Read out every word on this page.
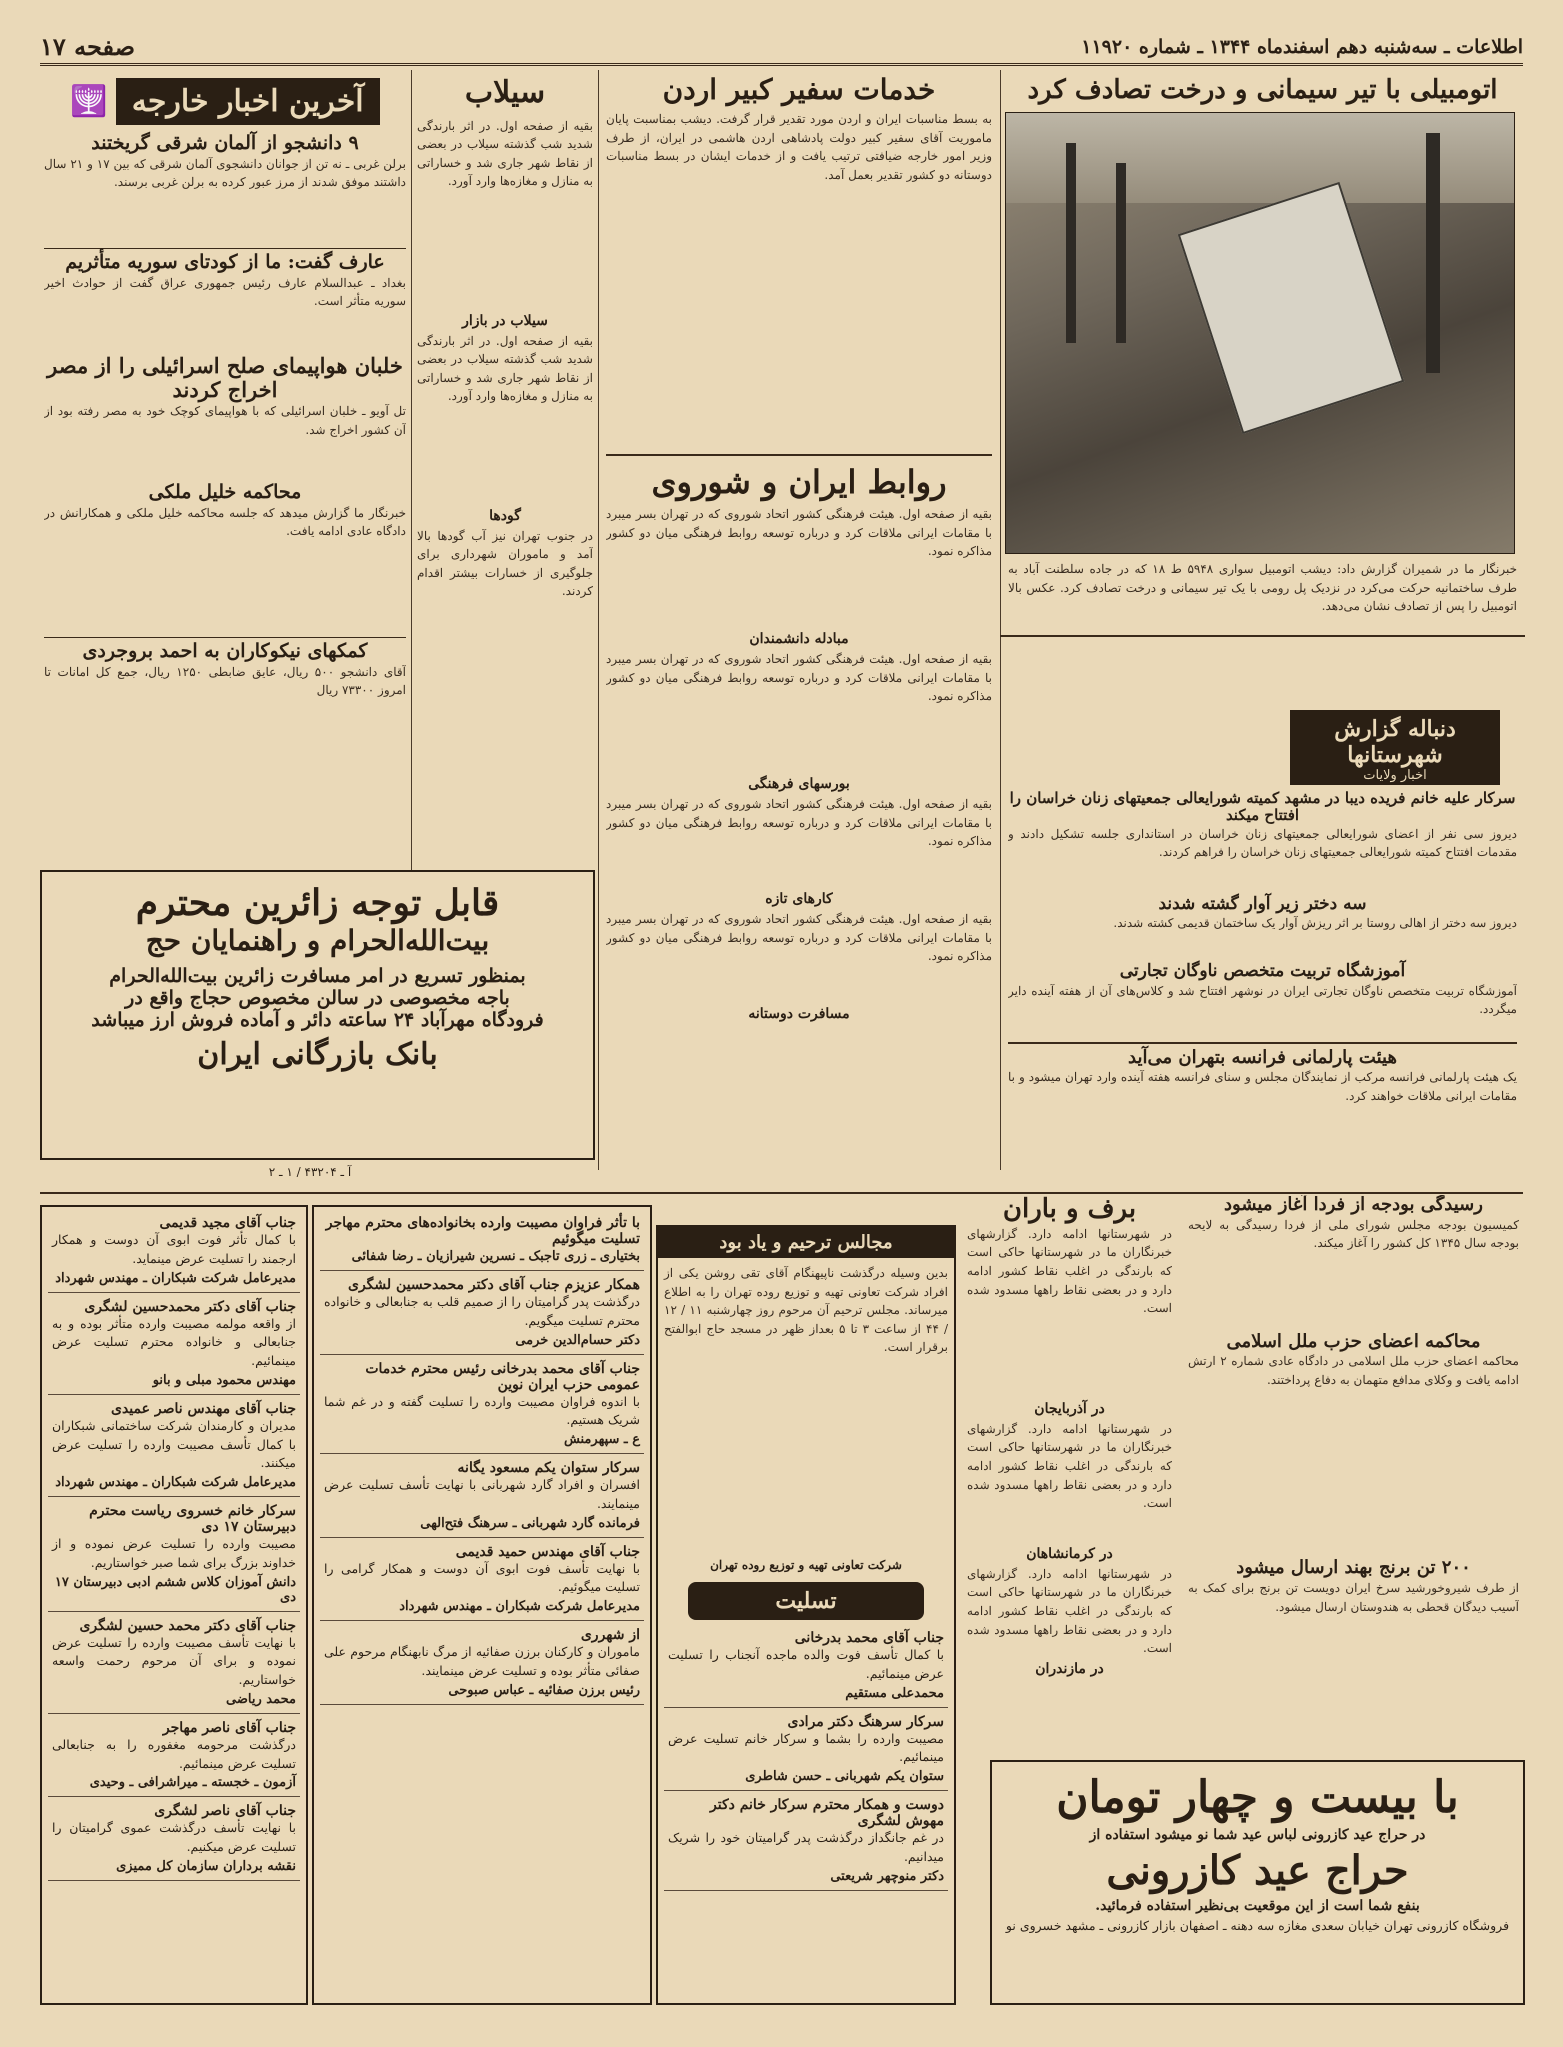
اطلاعات ـ سه‌شنبه دهم اسفندماه ۱۳۴۴ ـ شماره ۱۱۹۲۰
صفحه ۱۷
اتومبیلی با تیر سیمانی و درخت تصادف کرد
خبرنگار ما در شمیران گزارش داد: دیشب اتومبیل سواری ۵۹۴۸ ط ۱۸ که در جاده سلطنت آباد به طرف ساختمانیه حرکت می‌کرد در نزدیک پل رومی با یک تیر سیمانی و درخت تصادف کرد. عکس بالا اتومبیل را پس از تصادف نشان می‌دهد.
دنباله گزارش شهرستانها
اخبار ولایات
سرکار علیه خانم فریده دیبا در مشهد کمیته شورایعالی جمعیتهای زنان خراسان را افتتاح میکند
دیروز سی نفر از اعضای شورایعالی جمعیتهای زنان خراسان در استانداری جلسه تشکیل دادند و مقدمات افتتاح کمیته شورایعالی جمعیتهای زنان خراسان را فراهم کردند.
سه دختر زیر آوار گشته شدند
دیروز سه دختر از اهالی روستا بر اثر ریزش آوار یک ساختمان قدیمی کشته شدند.
آموزشگاه تربیت متخصص ناوگان تجارتی
آموزشگاه تربیت متخصص ناوگان تجارتی ایران در نوشهر افتتاح شد و کلاس‌های آن از هفته آینده دایر میگردد.
هیئت پارلمانی فرانسه بتهران می‌آید
یک هیئت پارلمانی فرانسه مرکب از نمایندگان مجلس و سنای فرانسه هفته آینده وارد تهران میشود و با مقامات ایرانی ملاقات خواهند کرد.
خدمات سفیر کبیر اردن
به بسط مناسبات ایران و اردن مورد تقدیر قرار گرفت. دیشب بمناسبت پایان ماموریت آقای سفیر کبیر دولت پادشاهی اردن هاشمی در ایران، از طرف وزیر امور خارجه ضیافتی ترتیب یافت و از خدمات ایشان در بسط مناسبات دوستانه دو کشور تقدیر بعمل آمد.
روابط ایران و شوروی
بقیه از صفحه اول. هیئت فرهنگی کشور اتحاد شوروی که در تهران بسر میبرد با مقامات ایرانی ملاقات کرد و درباره توسعه روابط فرهنگی میان دو کشور مذاکره نمود.
مبادله دانشمندان
بقیه از صفحه اول. هیئت فرهنگی کشور اتحاد شوروی که در تهران بسر میبرد با مقامات ایرانی ملاقات کرد و درباره توسعه روابط فرهنگی میان دو کشور مذاکره نمود.
بورسهای فرهنگی
بقیه از صفحه اول. هیئت فرهنگی کشور اتحاد شوروی که در تهران بسر میبرد با مقامات ایرانی ملاقات کرد و درباره توسعه روابط فرهنگی میان دو کشور مذاکره نمود.
کارهای تازه
بقیه از صفحه اول. هیئت فرهنگی کشور اتحاد شوروی که در تهران بسر میبرد با مقامات ایرانی ملاقات کرد و درباره توسعه روابط فرهنگی میان دو کشور مذاکره نمود.
مسافرت دوستانه
سیلاب
بقیه از صفحه اول. در اثر بارندگی شدید شب گذشته سیلاب در بعضی از نقاط شهر جاری شد و خساراتی به منازل و مغازه‌ها وارد آورد.
سیلاب در بازار
بقیه از صفحه اول. در اثر بارندگی شدید شب گذشته سیلاب در بعضی از نقاط شهر جاری شد و خساراتی به منازل و مغازه‌ها وارد آورد.
گودها
در جنوب تهران نیز آب گودها بالا آمد و ماموران شهرداری برای جلوگیری از خسارات بیشتر اقدام کردند.
آخرین اخبار خارجه
🕎
۹ دانشجو از آلمان شرقی گریختند
برلن غربی ـ نه تن از جوانان دانشجوی آلمان شرقی که بین ۱۷ و ۲۱ سال داشتند موفق شدند از مرز عبور کرده به برلن غربی برسند.
عارف گفت: ما از کودتای سوریه متأثریم
بغداد ـ عبدالسلام عارف رئیس جمهوری عراق گفت از حوادث اخیر سوریه متأثر است.
خلبان هواپیمای صلح اسرائیلی را از مصر اخراج کردند
تل آویو ـ خلبان اسرائیلی که با هواپیمای کوچک خود به مصر رفته بود از آن کشور اخراج شد.
محاکمه خلیل ملکی
خبرنگار ما گزارش میدهد که جلسه محاکمه خلیل ملکی و همکارانش در دادگاه عادی ادامه یافت.
کمکهای نیکوکاران به احمد بروجردی
آقای دانشجو ۵۰۰ ریال، عایق ضابطی ۱۲۵۰ ریال، جمع کل امانات تا امروز ۷۳۳۰۰ ریال
قابل توجه زائرین محترم
بیت‌الله‌الحرام و راهنمایان حج
بمنظور تسریع در امر مسافرت زائرین بیت‌الله‌الحرام
باجه مخصوصی در سالن مخصوص حجاج واقع در
فرودگاه مهرآباد ۲۴ ساعته دائر و آماده فروش ارز میباشد
بانک بازرگانی ایران
آ ـ ۴۳۲۰۴ / ۱ ـ ۲
جناب آقای مجید قدیمی
با کمال تأثر فوت ابوی آن دوست و همکار ارجمند را تسلیت عرض مینماید.
مدیرعامل شرکت شبکاران ـ مهندس شهرداد
جناب آقای دکتر محمدحسین لشگری
از واقعه مولمه مصیبت وارده متأثر بوده و به جنابعالی و خانواده محترم تسلیت عرض مینمائیم.
مهندس محمود مبلی و بانو
جناب آقای مهندس ناصر عمیدی
مدیران و کارمندان شرکت ساختمانی شبکاران با کمال تأسف مصیبت وارده را تسلیت عرض میکنند.
مدیرعامل شرکت شبکاران ـ مهندس شهرداد
سرکار خانم خسروی ریاست محترم دبیرستان ۱۷ دی
مصیبت وارده را تسلیت عرض نموده و از خداوند بزرگ برای شما صبر خواستاریم.
دانش آموزان کلاس ششم ادبی دبیرستان ۱۷ دی
جناب آقای دکتر محمد حسین لشگری
با نهایت تأسف مصیبت وارده را تسلیت عرض نموده و برای آن مرحوم رحمت واسعه خواستاریم.
محمد ریاضی
جناب آقای ناصر مهاجر
درگذشت مرحومه مغفوره را به جنابعالی تسلیت عرض مینمائیم.
آزمون ـ خجسته ـ میراشرافی ـ وحیدی
جناب آقای ناصر لشگری
با نهایت تأسف درگذشت عموی گرامیتان را تسلیت عرض میکنیم.
نقشه برداران سازمان کل ممیزی
با تأثر فراوان مصیبت وارده بخانواده‌های محترم مهاجر تسلیت میگوئیم
بختیاری ـ زری تاجبک ـ نسرین شیرازیان ـ رضا شفائی
همکار عزیزم جناب آقای دکتر محمدحسین لشگری
درگذشت پدر گرامیتان را از صمیم قلب به جنابعالی و خانواده محترم تسلیت میگویم.
دکتر حسام‌الدین خرمی
جناب آقای محمد بدرخانی رئیس محترم خدمات عمومی حزب ایران نوین
با اندوه فراوان مصیبت وارده را تسلیت گفته و در غم شما شریک هستیم.
ع ـ سپهرمنش
سرکار ستوان یکم مسعود یگانه
افسران و افراد گارد شهربانی با نهایت تأسف تسلیت عرض مینمایند.
فرمانده گارد شهربانی ـ سرهنگ فتح‌الهی
جناب آقای مهندس حمید قدیمی
با نهایت تأسف فوت ابوی آن دوست و همکار گرامی را تسلیت میگوئیم.
مدیرعامل شرکت شبکاران ـ مهندس شهرداد
از شهرری
ماموران و کارکنان برزن صفائیه از مرگ نابهنگام مرحوم علی صفائی متأثر بوده و تسلیت عرض مینمایند.
رئیس برزن صفائیه ـ عباس صبوحی
مجالس ترحیم و یاد بود
بدین وسیله درگذشت ناپیهنگام آقای تقی روشن یکی از افراد شرکت تعاونی تهیه و توزیع روده تهران را به اطلاع میرساند. مجلس ترحیم آن مرحوم روز چهارشنبه ۱۱ / ۱۲ / ۴۴ از ساعت ۳ تا ۵ بعداز ظهر در مسجد حاج ابوالفتح برقرار است.
شرکت تعاونی تهیه و توزیع روده تهران
تسلیت
جناب آقای محمد بدرخانی
با کمال تأسف فوت والده ماجده آنجناب را تسلیت عرض مینمائیم.
محمدعلی مستقیم
سرکار سرهنگ دکتر مرادی
مصیبت وارده را بشما و سرکار خانم تسلیت عرض مینمائیم.
ستوان یکم شهربانی ـ حسن شاطری
دوست و همکار محترم سرکار خانم دکتر مهوش لشگری
در غم جانگداز درگذشت پدر گرامیتان خود را شریک میدانیم.
دکتر منوچهر شریعتی
برف و باران
در شهرستانها ادامه دارد. گزارشهای خبرنگاران ما در شهرستانها حاکی است که بارندگی در اغلب نقاط کشور ادامه دارد و در بعضی نقاط راهها مسدود شده است.
در آذربایجان
در شهرستانها ادامه دارد. گزارشهای خبرنگاران ما در شهرستانها حاکی است که بارندگی در اغلب نقاط کشور ادامه دارد و در بعضی نقاط راهها مسدود شده است.
در کرمانشاهان
در شهرستانها ادامه دارد. گزارشهای خبرنگاران ما در شهرستانها حاکی است که بارندگی در اغلب نقاط کشور ادامه دارد و در بعضی نقاط راهها مسدود شده است.
در مازندران
رسیدگی بودجه از فردا آغاز میشود
کمیسیون بودجه مجلس شورای ملی از فردا رسیدگی به لایحه بودجه سال ۱۳۴۵ کل کشور را آغاز میکند.
محاکمه اعضای حزب ملل اسلامی
محاکمه اعضای حزب ملل اسلامی در دادگاه عادی شماره ۲ ارتش ادامه یافت و وکلای مدافع متهمان به دفاع پرداختند.
۲۰۰ تن برنج بهند ارسال میشود
از طرف شیروخورشید سرخ ایران دویست تن برنج برای کمک به آسیب دیدگان قحطی به هندوستان ارسال میشود.
با بیست و چهار تومان
در حراج عید کازرونی لباس عید شما نو میشود استفاده از
حراج عید کازرونی
بنفع شما است از این موقعیت بی‌نظیر استفاده فرمائید.
فروشگاه کازرونی تهران خیابان سعدی مغازه سه دهنه ـ اصفهان بازار کازرونی ـ مشهد خسروی نو
